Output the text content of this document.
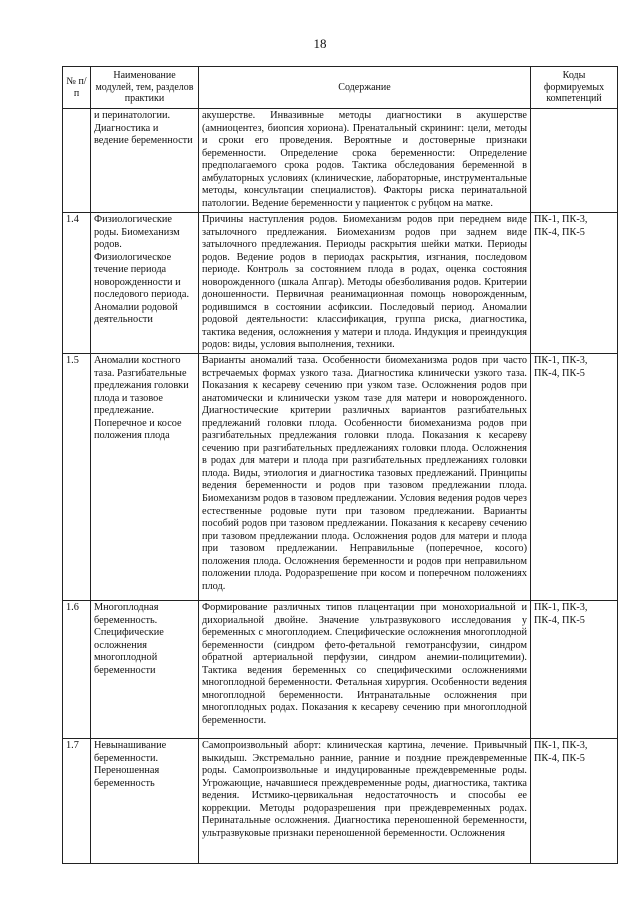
18
№ п/п	Наименование модулей, тем, разделов практики	Содержание	Коды формируемых компетенций
	и перинатологии. Диагностика и ведение беременности	акушерстве. Инвазивные методы диагностики в акушерстве (амниоцентез, биопсия хориона). Пренатальный скрининг: цели, методы и сроки его проведения. Вероятные и достоверные признаки беременности. Определение срока беременности: Определение предполагаемого срока родов. Тактика обследования беременной в амбулаторных условиях (клинические, лабораторные, инструментальные методы, консультации специалистов). Факторы риска перинатальной патологии. Ведение беременности у пациенток с рубцом на матке.	
1.4	Физиологические роды. Биомеханизм родов. Физиологическое течение периода новорожденности и последового периода. Аномалии родовой деятельности	Причины наступления родов. Биомеханизм родов при переднем виде затылочного предлежания. Биомеханизм родов при заднем виде затылочного предлежания. Периоды раскрытия шейки матки. Периоды родов. Ведение родов в периодах раскрытия, изгнания, последовом периоде. Контроль за состоянием плода в родах, оценка состояния новорожденного (шкала Апгар). Методы обезболивания родов. Критерии доношенности. Первичная реанимационная помощь новорожденным, родившимся в состоянии асфиксии. Последовый период. Аномалии родовой деятельности: классификация, группа риска, диагностика, тактика ведения, осложнения у матери и плода. Индукция и преиндукция родов: виды, условия выполнения, техники.	ПК-1, ПК-3, ПК-4, ПК-5
1.5	Аномалии костного таза. Разгибательные предлежания головки плода и тазовое предлежание. Поперечное и косое положения плода	Варианты аномалий таза. Особенности биомеханизма родов при часто встречаемых формах узкого таза. Диагностика клинически узкого таза. Показания к кесареву сечению при узком тазе. Осложнения родов при анатомически и клинически узком тазе для матери и новорожденного. Диагностические критерии различных вариантов разгибательных предлежаний головки плода. Особенности биомеханизма родов при разгибательных предлежания головки плода. Показания к кесареву сечению при разгибательных предлежаниях головки плода. Осложнения в родах для матери и плода при разгибательных предлежаниях головки плода. Виды, этиология и диагностика тазовых предлежаний. Принципы ведения беременности и родов при тазовом предлежании плода. Биомеханизм родов в тазовом предлежании. Условия ведения родов через естественные родовые пути при тазовом предлежании. Варианты пособий родов при тазовом предлежании. Показания к кесареву сечению при тазовом предлежании плода. Осложнения родов для матери и плода при тазовом предлежании. Неправильные (поперечное, косого) положения плода. Осложнения беременности и родов при неправильном положении плода. Родоразрешение при косом и поперечном положениях плод.	ПК-1, ПК-3, ПК-4, ПК-5
1.6	Многоплодная беременность. Специфические осложнения многоплодной беременности	Формирование различных типов плацентации при монохориальной и дихориальной двойне. Значение ультразвукового исследования у беременных с многоплодием. Специфические осложнения многоплодной беременности (синдром фето-фетальной гемотрансфузии, синдром обратной артериальной перфузии, синдром анемии-полицитемии). Тактика ведения беременных со специфическими осложнениями многоплодной беременности. Фетальная хирургия. Особенности ведения многоплодной беременности. Интранатальные осложнения при многоплодных родах. Показания к кесареву сечению при многоплодной беременности.	ПК-1, ПК-3, ПК-4, ПК-5
1.7	Невынашивание беременности. Переношенная беременность	Самопроизвольный аборт: клиническая картина, лечение. Привычный выкидыш. Экстремально ранние, ранние и поздние преждевременные роды. Самопроизвольные и индуцированные преждевременные роды. Угрожающие, начавшиеся преждевременные роды, диагностика, тактика ведения. Истмико-цервикальная недостаточность и способы ее коррекции. Методы родоразрешения при преждевременных родах. Перинатальные осложнения. Диагностика переношенной беременности, ультразвуковые признаки переношенной беременности. Осложнения	ПК-1, ПК-3, ПК-4, ПК-5
